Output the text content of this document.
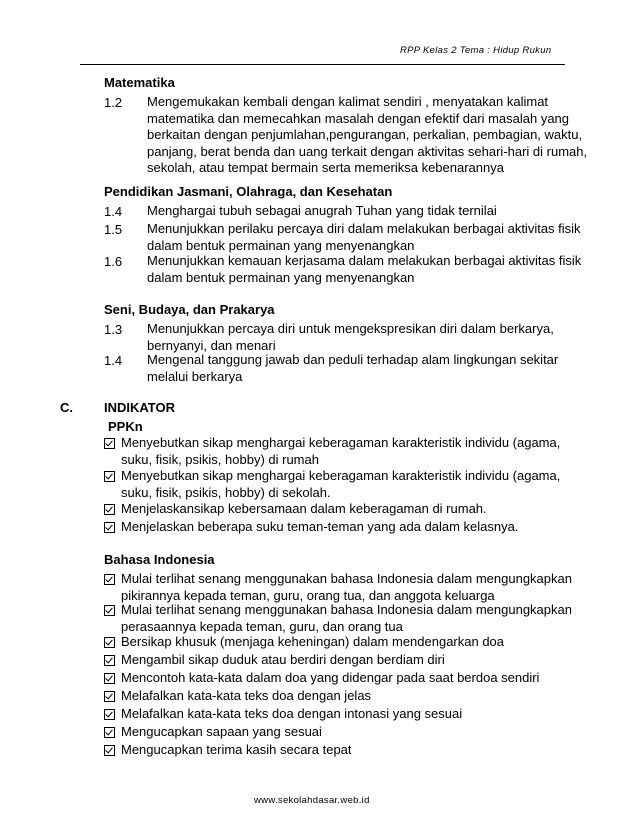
RPP Kelas 2 Tema : Hidup Rukun
Matematika
1.2 Mengemukakan kembali dengan kalimat sendiri , menyatakan kalimat
matematika dan memecahkan masalah dengan efektif dari masalah yang
berkaitan dengan penjumlahan,pengurangan, perkalian, pembagian, waktu,
panjang, berat benda dan uang terkait dengan aktivitas sehari-hari di rumah,
sekolah, atau tempat bermain serta memeriksa kebenarannya
Pendidikan Jasmani, Olahraga, dan Kesehatan
1.4 Menghargai tubuh sebagai anugrah Tuhan yang tidak ternilai
1.5 Menunjukkan perilaku percaya diri dalam melakukan berbagai aktivitas fisik
dalam bentuk permainan yang menyenangkan
1.6 Menunjukkan kemauan kerjasama dalam melakukan berbagai aktivitas fisik
dalam bentuk permainan yang menyenangkan
Seni, Budaya, dan Prakarya
1.3 Menunjukkan percaya diri untuk mengekspresikan diri dalam berkarya,
bernyanyi, dan menari
1.4 Mengenal tanggung jawab dan peduli terhadap alam lingkungan sekitar
melalui berkarya
C. INDIKATOR
PPKn
Menyebutkan sikap menghargai keberagaman karakteristik individu (agama,
suku, fisik, psikis, hobby) di rumah
Menyebutkan sikap menghargai keberagaman karakteristik individu (agama,
suku, fisik, psikis, hobby) di sekolah.
Menjelaskansikap kebersamaan dalam keberagaman di rumah.
Menjelaskan beberapa suku teman-teman yang ada dalam kelasnya.
Bahasa Indonesia
Mulai terlihat senang menggunakan bahasa Indonesia dalam mengungkapkan
pikirannya kepada teman, guru, orang tua, dan anggota keluarga
Mulai terlihat senang menggunakan bahasa Indonesia dalam mengungkapkan
perasaannya kepada teman, guru, dan orang tua
Bersikap khusuk (menjaga keheningan) dalam mendengarkan doa
Mengambil sikap duduk atau berdiri dengan berdiam diri
Mencontoh kata-kata dalam doa yang didengar pada saat berdoa sendiri
Melafalkan kata-kata teks doa dengan jelas
Melafalkan kata-kata teks doa dengan intonasi yang sesuai
Mengucapkan sapaan yang sesuai
Mengucapkan terima kasih secara tepat
www.sekolahdasar.web.id
